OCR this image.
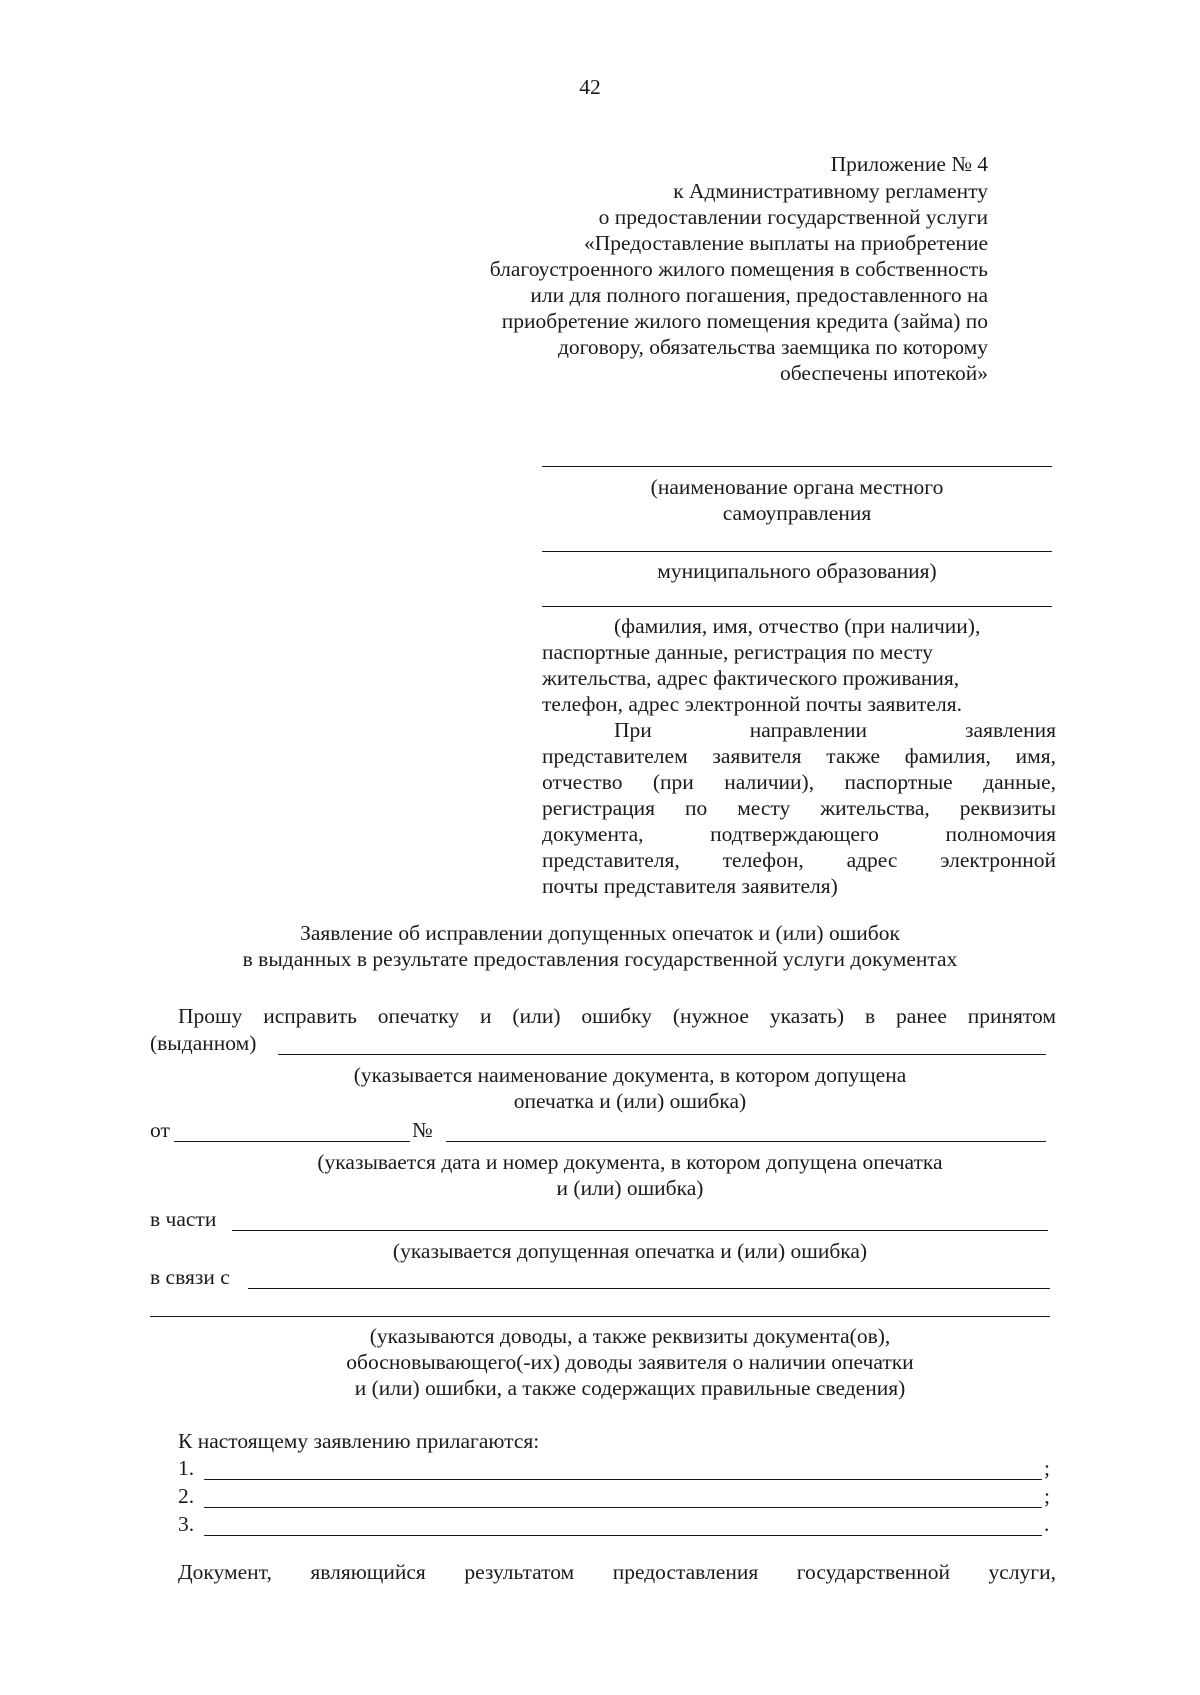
42
Приложение № 4
к Административному регламенту
о предоставлении государственной услуги
«Предоставление выплаты на приобретение
благоустроенного жилого помещения в собственность
или для полного погашения, предоставленного на
приобретение жилого помещения кредита (займа) по
договору, обязательства заемщика по которому
обеспечены ипотекой»
(наименование органа местного
самоуправления
муниципального образования)
(фамилия, имя, отчество (при наличии),
паспортные данные, регистрация по месту
жительства, адрес фактического проживания,
телефон, адрес электронной почты заявителя.
При	направлении	заявления
представителем заявителя также фамилия, имя,
отчество (при наличии), паспортные данные,
регистрация по месту жительства, реквизиты
документа, подтверждающего полномочия
представителя, телефон, адрес электронной
почты представителя заявителя)
Заявление об исправлении допущенных опечаток и (или) ошибок
в выданных в результате предоставления государственной услуги документах
Прошу исправить опечатку и (или) ошибку (нужное указать) в ранее принятом
(выданном)
(указывается наименование документа, в котором допущена
опечатка и (или) ошибка)
от	№
(указывается дата и номер документа, в котором допущена опечатка
и (или) ошибка)
в части
(указывается допущенная опечатка и (или) ошибка)
в связи с
(указываются доводы, а также реквизиты документа(ов),
обосновывающего(-их) доводы заявителя о наличии опечатки
и (или) ошибки, а также содержащих правильные сведения)
К настоящему заявлению прилагаются:
1.	;
2.	;
3.	.
Документ, являющийся результатом предоставления государственной услуги,
